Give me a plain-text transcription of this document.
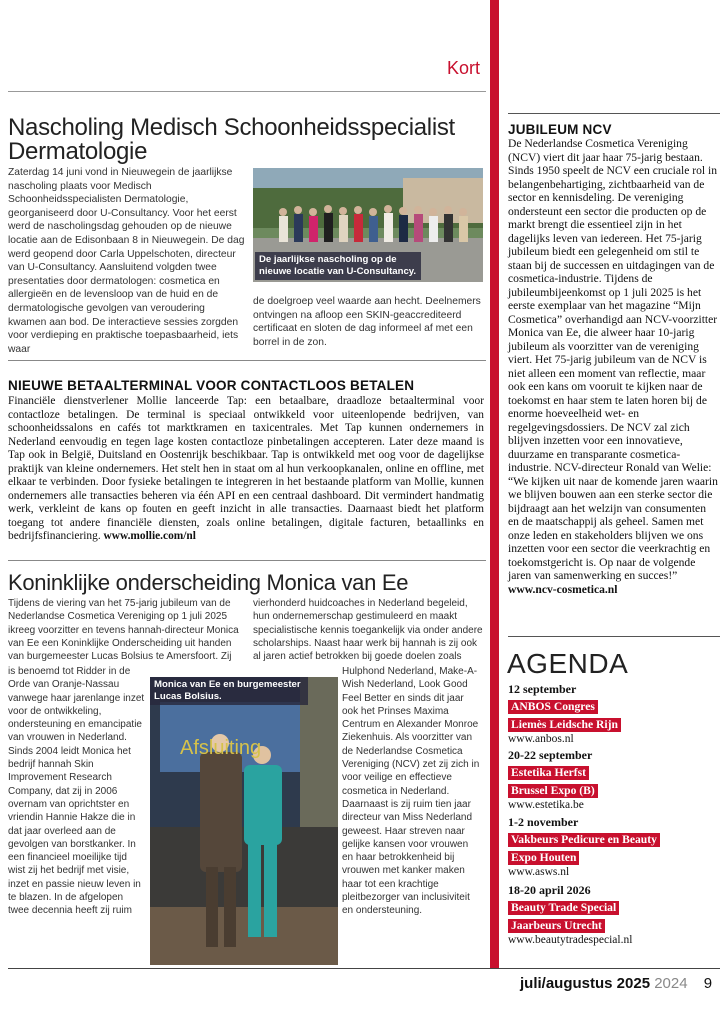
Kort
Nascholing Medisch Schoonheidsspecialist Dermatologie
Zaterdag 14 juni vond in Nieuwegein de jaarlijkse nascholing plaats voor Medisch Schoonheidsspecialisten Dermatologie, georganiseerd door U-Consultancy. Voor het eerst werd de nascholingsdag gehouden op de nieuwe locatie aan de Edisonbaan 8 in Nieuwegein. De dag werd geopend door Carla Uppelschoten, directeur van U-Consultancy. Aansluitend volgden twee presentaties door dermatologen: cosmetica en allergieën en de levensloop van de huid en de dermatologische gevolgen van veroudering kwamen aan bod. De interactieve sessies zorgden voor verdieping en praktische toepasbaarheid, iets waar
De jaarlijkse nascholing op de nieuwe locatie van U-Consultancy.
de doelgroep veel waarde aan hecht. Deelnemers ontvingen na afloop een SKIN-geaccrediteerd certificaat en sloten de dag informeel af met een borrel in de zon.
NIEUWE BETAALTERMINAL VOOR CONTACTLOOS BETALEN
Financiële dienstverlener Mollie lanceerde Tap: een betaalbare, draadloze betaalterminal voor contactloze betalingen. De terminal is speciaal ontwikkeld voor uiteenlopende bedrijven, van schoonheidssalons en cafés tot marktkramen en taxicentrales. Met Tap kunnen ondernemers in Nederland eenvoudig en tegen lage kosten contactloze pinbetalingen accepteren. Later deze maand is Tap ook in België, Duitsland en Oostenrijk beschikbaar. Tap is ontwikkeld met oog voor de dagelijkse praktijk van kleine ondernemers. Het stelt hen in staat om al hun verkoopkanalen, online en offline, met elkaar te verbinden. Door fysieke betalingen te integreren in het bestaande platform van Mollie, kunnen ondernemers alle transacties beheren via één API en een centraal dashboard. Dit vermindert handmatig werk, verkleint de kans op fouten en geeft inzicht in alle transacties. Daarnaast biedt het platform toegang tot andere financiële diensten, zoals online betalingen, digitale facturen, betaallinks en bedrijfsfinanciering. www.mollie.com/nl
Koninklijke onderscheiding Monica van Ee
Tijdens de viering van het 75-jarig jubileum van de Nederlandse Cosmetica Vereniging op 1 juli 2025 ikreeg voorzitter en tevens hannah-directeur Monica van Ee een Koninklijke Onderscheiding uit handen van burgemeester Lucas Bolsius te Amersfoort. Zij
is benoemd tot Ridder in de Orde van Oranje-Nassau vanwege haar jarenlange inzet voor de ontwikkeling, ondersteuning en emancipatie van vrouwen in Nederland. Sinds 2004 leidt Monica het bedrijf hannah Skin Improvement Research Company, dat zij in 2006 overnam van oprichtster en vriendin Hannie Hakze die in dat jaar overleed aan de gevolgen van borstkanker. In een financieel moeilijke tijd wist zij het bedrijf met visie, inzet en passie nieuw leven in te blazen. In de afgelopen twee decennia heeft zij ruim
vierhonderd huidcoaches in Nederland begeleid, hun ondernemerschap gestimuleerd en maakt specialistische kennis toegankelijk via onder andere scholarships. Naast haar werk bij hannah is zij ook al jaren actief betrokken bij goede doelen zoals
Hulphond Nederland, Make-A-Wish Nederland, Look Good Feel Better en sinds dit jaar ook het Prinses Maxima Centrum en Alexander Monroe Ziekenhuis. Als voorzitter van de Nederlandse Cosmetica Vereniging (NCV) zet zij zich in voor veilige en effectieve cosmetica in Nederland. Daarnaast is zij ruim tien jaar directeur van Miss Nederland geweest. Haar streven naar gelijke kansen voor vrouwen en haar betrokkenheid bij vrouwen met kanker maken haar tot een krachtige pleitbezorger van inclusiviteit en ondersteuning.
Afsluiting
Monica van Ee en burgemeester Lucas Bolsius.
JUBILEUM NCV
De Nederlandse Cosmetica Vereniging (NCV) viert dit jaar haar 75-jarig bestaan. Sinds 1950 speelt de NCV een cruciale rol in belangenbehartiging, zichtbaarheid van de sector en kennisdeling. De vereniging ondersteunt een sector die producten op de markt brengt die essentieel zijn in het dagelijks leven van iedereen. Het 75-jarig jubileum biedt een gelegenheid om stil te staan bij de successen en uitdagingen van de cosmetica-industrie. Tijdens de jubileumbijeenkomst op 1 juli 2025 is het eerste exemplaar van het magazine “Mijn Cosmetica” overhandigd aan NCV-voorzitter Monica van Ee, die alweer haar 10-jarig jubileum als voorzitter van de vereniging viert. Het 75-jarig jubileum van de NCV is niet alleen een moment van reflectie, maar ook een kans om vooruit te kijken naar de toekomst en haar stem te laten horen bij de enorme hoeveelheid wet- en regelgevingsdossiers. De NCV zal zich blijven inzetten voor een innovatieve, duurzame en transparante cosmetica-industrie. NCV-directeur Ronald van Welie: “We kijken uit naar de komende jaren waarin we blijven bouwen aan een sterke sector die bijdraagt aan het welzijn van consumenten en de maatschappij als geheel. Samen met onze leden en stakeholders blijven we ons inzetten voor een sector die veerkrachtig en toekomstgericht is. Op naar de volgende jaren van samenwerking en succes!”
www.ncv-cosmetica.nl
AGENDA
12 september
ANBOS Congres
Liemès Leidsche Rijn
www.anbos.nl
20-22 september
Estetika Herfst
Brussel Expo (B)
www.estetika.be
1-2 november
Vakbeurs Pedicure en Beauty
Expo Houten
www.asws.nl
18-20 april 2026
Beauty Trade Special
Jaarbeurs Utrecht
www.beautytradespecial.nl
juli/augustus 2025 2024 9
